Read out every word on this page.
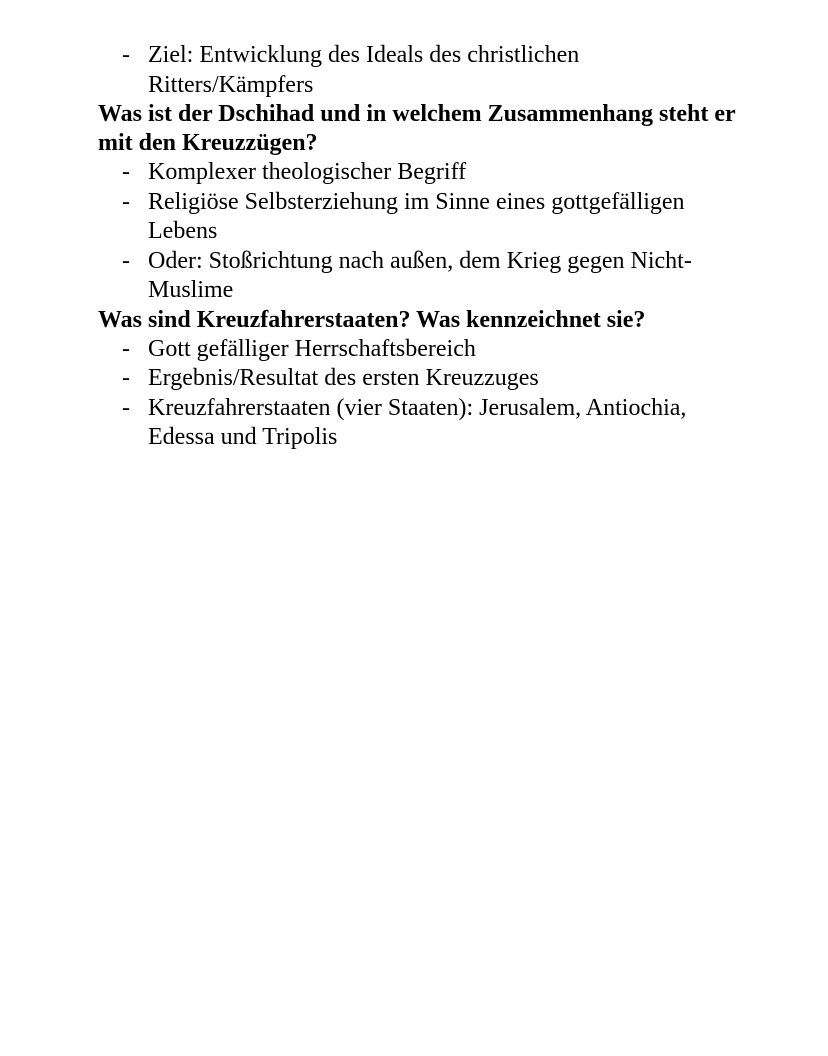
- Ziel: Entwicklung des Ideals des christlichen Ritters/Kämpfers
Was ist der Dschihad und in welchem Zusammenhang steht er mit den Kreuzzügen?
- Komplexer theologischer Begriff
- Religiöse Selbsterziehung im Sinne eines gottgefälligen Lebens
- Oder: Stoßrichtung nach außen, dem Krieg gegen Nicht-Muslime
Was sind Kreuzfahrerstaaten? Was kennzeichnet sie?
- Gott gefälliger Herrschaftsbereich
- Ergebnis/Resultat des ersten Kreuzzuges
- Kreuzfahrerstaaten (vier Staaten): Jerusalem, Antiochia, Edessa und Tripolis
